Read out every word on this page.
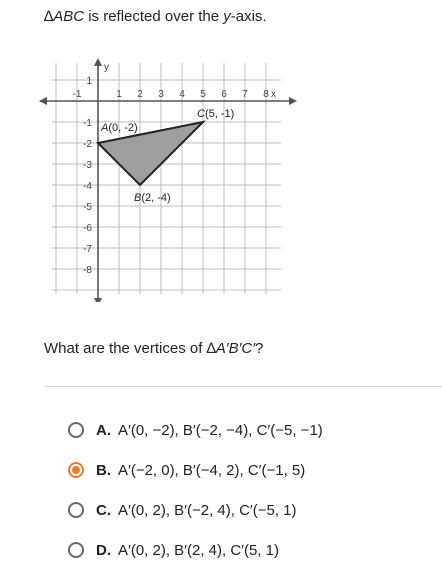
∆ABC is reflected over the y-axis.
x
y
-1	1 2 3 4 5 6 7 8
1
-1
-2
-3
-4
-5
-6
-7
-8
A(0, -2)
B(2, -4)
C(5, -1)
What are the vertices of ∆A′B′C′?
A. A′(0, −2), B′(−2, −4), C′(−5, −1)
B. A′(−2, 0), B′(−4, 2), C′(−1, 5)
C. A′(0, 2), B′(−2, 4), C′(−5, 1)
D. A′(0, 2), B′(2, 4), C′(5, 1)
